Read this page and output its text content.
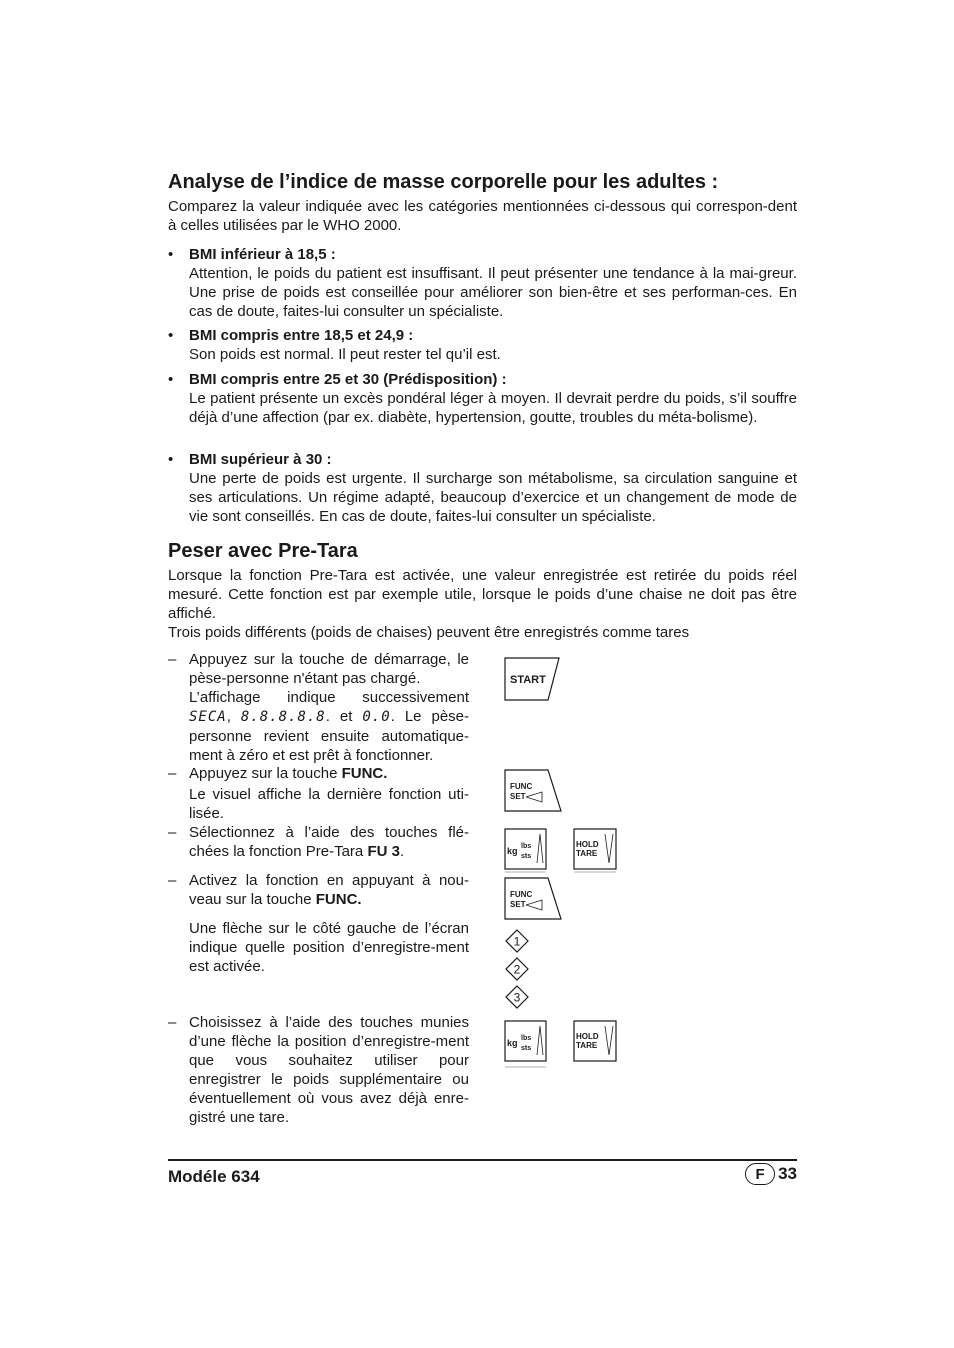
Analyse de l’indice de masse corporelle pour les adultes :

Comparez la valeur indiquée avec les catégories mentionnées ci-dessous qui correspon-dent à celles utilisées par le WHO 2000.

• BMI inférieur à 18,5 :

Attention, le poids du patient est insuffisant. Il peut présenter une tendance à la mai-greur. Une prise de poids est conseillée pour améliorer son bien-être et ses performan-ces. En cas de doute, faites-lui consulter un spécialiste.

• BMI compris entre 18,5 et 24,9 :

Son poids est normal. Il peut rester tel qu’il est.

• BMI compris entre 25 et 30 (Prédisposition) :

Le patient présente un excès pondéral léger à moyen. Il devrait perdre du poids, s’il souffre déjà d’une affection (par ex. diabète, hypertension, goutte, troubles du méta-bolisme).

• BMI supérieur à 30 :

Une perte de poids est urgente. Il surcharge son métabolisme, sa circulation sanguine et ses articulations. Un régime adapté, beaucoup d’exercice et un changement de mode de vie sont conseillés. En cas de doute, faites-lui consulter un spécialiste.

Peser avec Pre-Tara

Lorsque la fonction Pre-Tara est activée, une valeur enregistrée est retirée du poids réel mesuré. Cette fonction est par exemple utile, lorsque le poids d’une chaise ne doit pas être affiché.

Trois poids différents (poids de chaises) peuvent être enregistrés comme tares

– Appuyez sur la touche de démarrage, le pèse-personne n'étant pas chargé.

L’affichage indique successivement SECA, 8.8.8.8.8. et 0.0. Le pèse-personne revient ensuite automatique-ment à zéro et est prêt à fonctionner.

– Appuyez sur la touche FUNC.

Le visuel affiche la dernière fonction uti-lisée.

– Sélectionnez à l’aide des touches flé-chées la fonction Pre-Tara FU 3.

– Activez la fonction en appuyant à nou-veau sur la touche FUNC.

Une flèche sur le côté gauche de l’écran indique quelle position d’enregistre-ment est activée.

– Choisissez à l’aide des touches munies d’une flèche la position d’enregistre-ment que vous souhaitez utiliser pour enregistrer le poids supplémentaire ou éventuellement où vous avez déjà enre-gistré une tare.

START
FUNC
SET
kg lbs
sts
HOLD
TARE
FUNC
SET
1
2
3
kg lbs
sts
HOLD
TARE
Modéle 634	F 33
